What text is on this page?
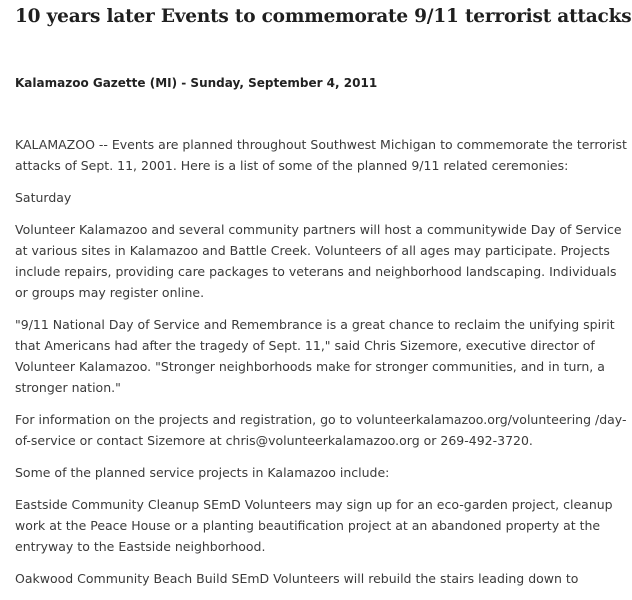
10 years later Events to commemorate 9/11 terrorist attacks
Kalamazoo Gazette (MI) - Sunday, September 4, 2011

KALAMAZOO -- Events are planned throughout Southwest Michigan to commemorate the terrorist attacks of Sept. 11, 2001. Here is a list of some of the planned 9/11 related ceremonies:

Saturday

Volunteer Kalamazoo and several community partners will host a communitywide Day of Service at various sites in Kalamazoo and Battle Creek. Volunteers of all ages may participate. Projects include repairs, providing care packages to veterans and neighborhood landscaping. Individuals or groups may register online.

"9/11 National Day of Service and Remembrance is a great chance to reclaim the unifying spirit that Americans had after the tragedy of Sept. 11," said Chris Sizemore, executive director of Volunteer Kalamazoo. "Stronger neighborhoods make for stronger communities, and in turn, a stronger nation."

For information on the projects and registration, go to volunteerkalamazoo.org/volunteering /day-of-service or contact Sizemore at chris@volunteerkalamazoo.org or 269-492-3720.

Some of the planned service projects in Kalamazoo include:

Eastside Community Cleanup SEmD Volunteers may sign up for an eco-garden project, cleanup work at the Peace House or a planting beautification project at an abandoned property at the entryway to the Eastside neighborhood.

Oakwood Community Beach Build SEmD Volunteers will rebuild the stairs leading down to
